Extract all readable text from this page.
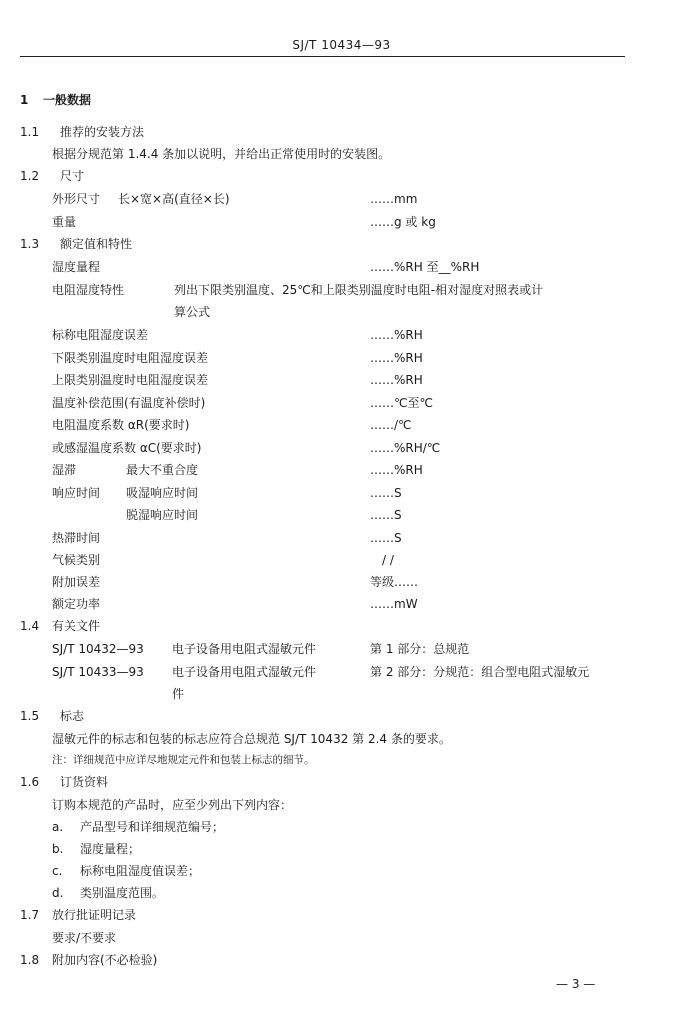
SJ/T 10434—93
1 一般数据
1.1 推荐的安装方法
根据分规范第 1.4.4 条加以说明，并给出正常使用时的安装图。
1.2 尺寸
外形尺寸 长×宽×高(直径×长)	……mm
重量	……g 或 kg
1.3 额定值和特性
湿度量程	……%RH 至__%RH
电阻湿度特性	列出下限类别温度、25℃和上限类别温度时电阻-相对湿度对照表或计
算公式
标称电阻湿度误差	……%RH
下限类别温度时电阻湿度误差	……%RH
上限类别温度时电阻湿度误差	……%RH
温度补偿范围(有温度补偿时)	……℃至℃
电阻温度系数 αR(要求时)	……/℃
或感湿温度系数 αC(要求时)	……%RH/℃
湿滞	最大不重合度	……%RH
响应时间 吸湿响应时间	……S
脱湿响应时间	……S
热滞时间	……S
气候类别	/ /
附加误差	等级……
额定功率	……mW
1.4 有关文件
SJ/T 10432—93 电子设备用电阻式湿敏元件	第 1 部分：总规范
SJ/T 10433—93 电子设备用电阻式湿敏元件	第 2 部分：分规范：组合型电阻式湿敏元
件
1.5 标志
湿敏元件的标志和包装的标志应符合总规范 SJ/T 10432 第 2.4 条的要求。
注：详细规范中应详尽地规定元件和包装上标志的细节。
1.6 订货资料
订购本规范的产品时，应至少列出下列内容：
a. 产品型号和详细规范编号；
b. 湿度量程；
c. 标称电阻湿度值误差；
d. 类别温度范围。
1.7 放行批证明记录
要求/不要求
1.8 附加内容(不必检验)
— 3 —
